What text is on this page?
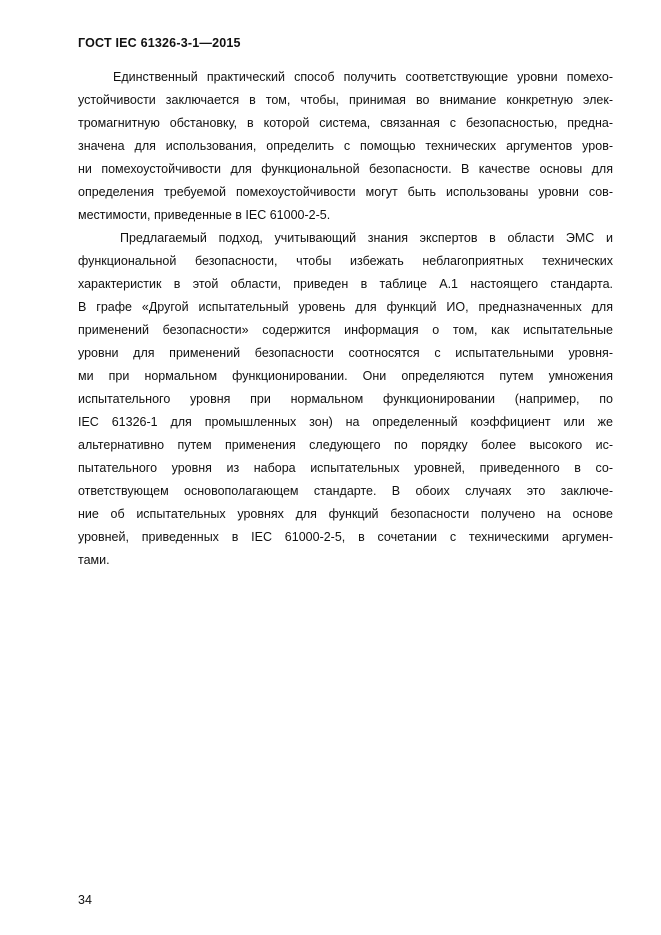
ГОСТ IEC 61326-3-1—2015
Единственный практический способ получить соответствующие уровни помехо-
устойчивости заключается в том, чтобы, принимая во внимание конкретную элек-
тромагнитную обстановку, в которой система, связанная с безопасностью, предна-
значена для использования, определить с помощью технических аргументов уров-
ни помехоустойчивости для функциональной безопасности. В качестве основы для
определения требуемой помехоустойчивости могут быть использованы уровни сов-
местимости, приведенные в IEC 61000-2-5.
Предлагаемый подход, учитывающий знания экспертов в области ЭМС и
функциональной безопасности, чтобы избежать неблагоприятных технических
характеристик в этой области, приведен в таблице А.1 настоящего стандарта.
В графе «Другой испытательный уровень для функций ИО, предназначенных для
применений безопасности» содержится информация о том, как испытательные
уровни для применений безопасности соотносятся с испытательными уровня-
ми при нормальном функционировании. Они определяются путем умножения
испытательного уровня при нормальном функционировании (например, по
IEC 61326-1 для промышленных зон) на определенный коэффициент или же
альтернативно путем применения следующего по порядку более высокого ис-
пытательного уровня из набора испытательных уровней, приведенного в со-
ответствующем основополагающем стандарте. В обоих случаях это заключе-
ние об испытательных уровнях для функций безопасности получено на основе
уровней, приведенных в IEC 61000-2-5, в сочетании с техническими аргумен-
тами.
34
